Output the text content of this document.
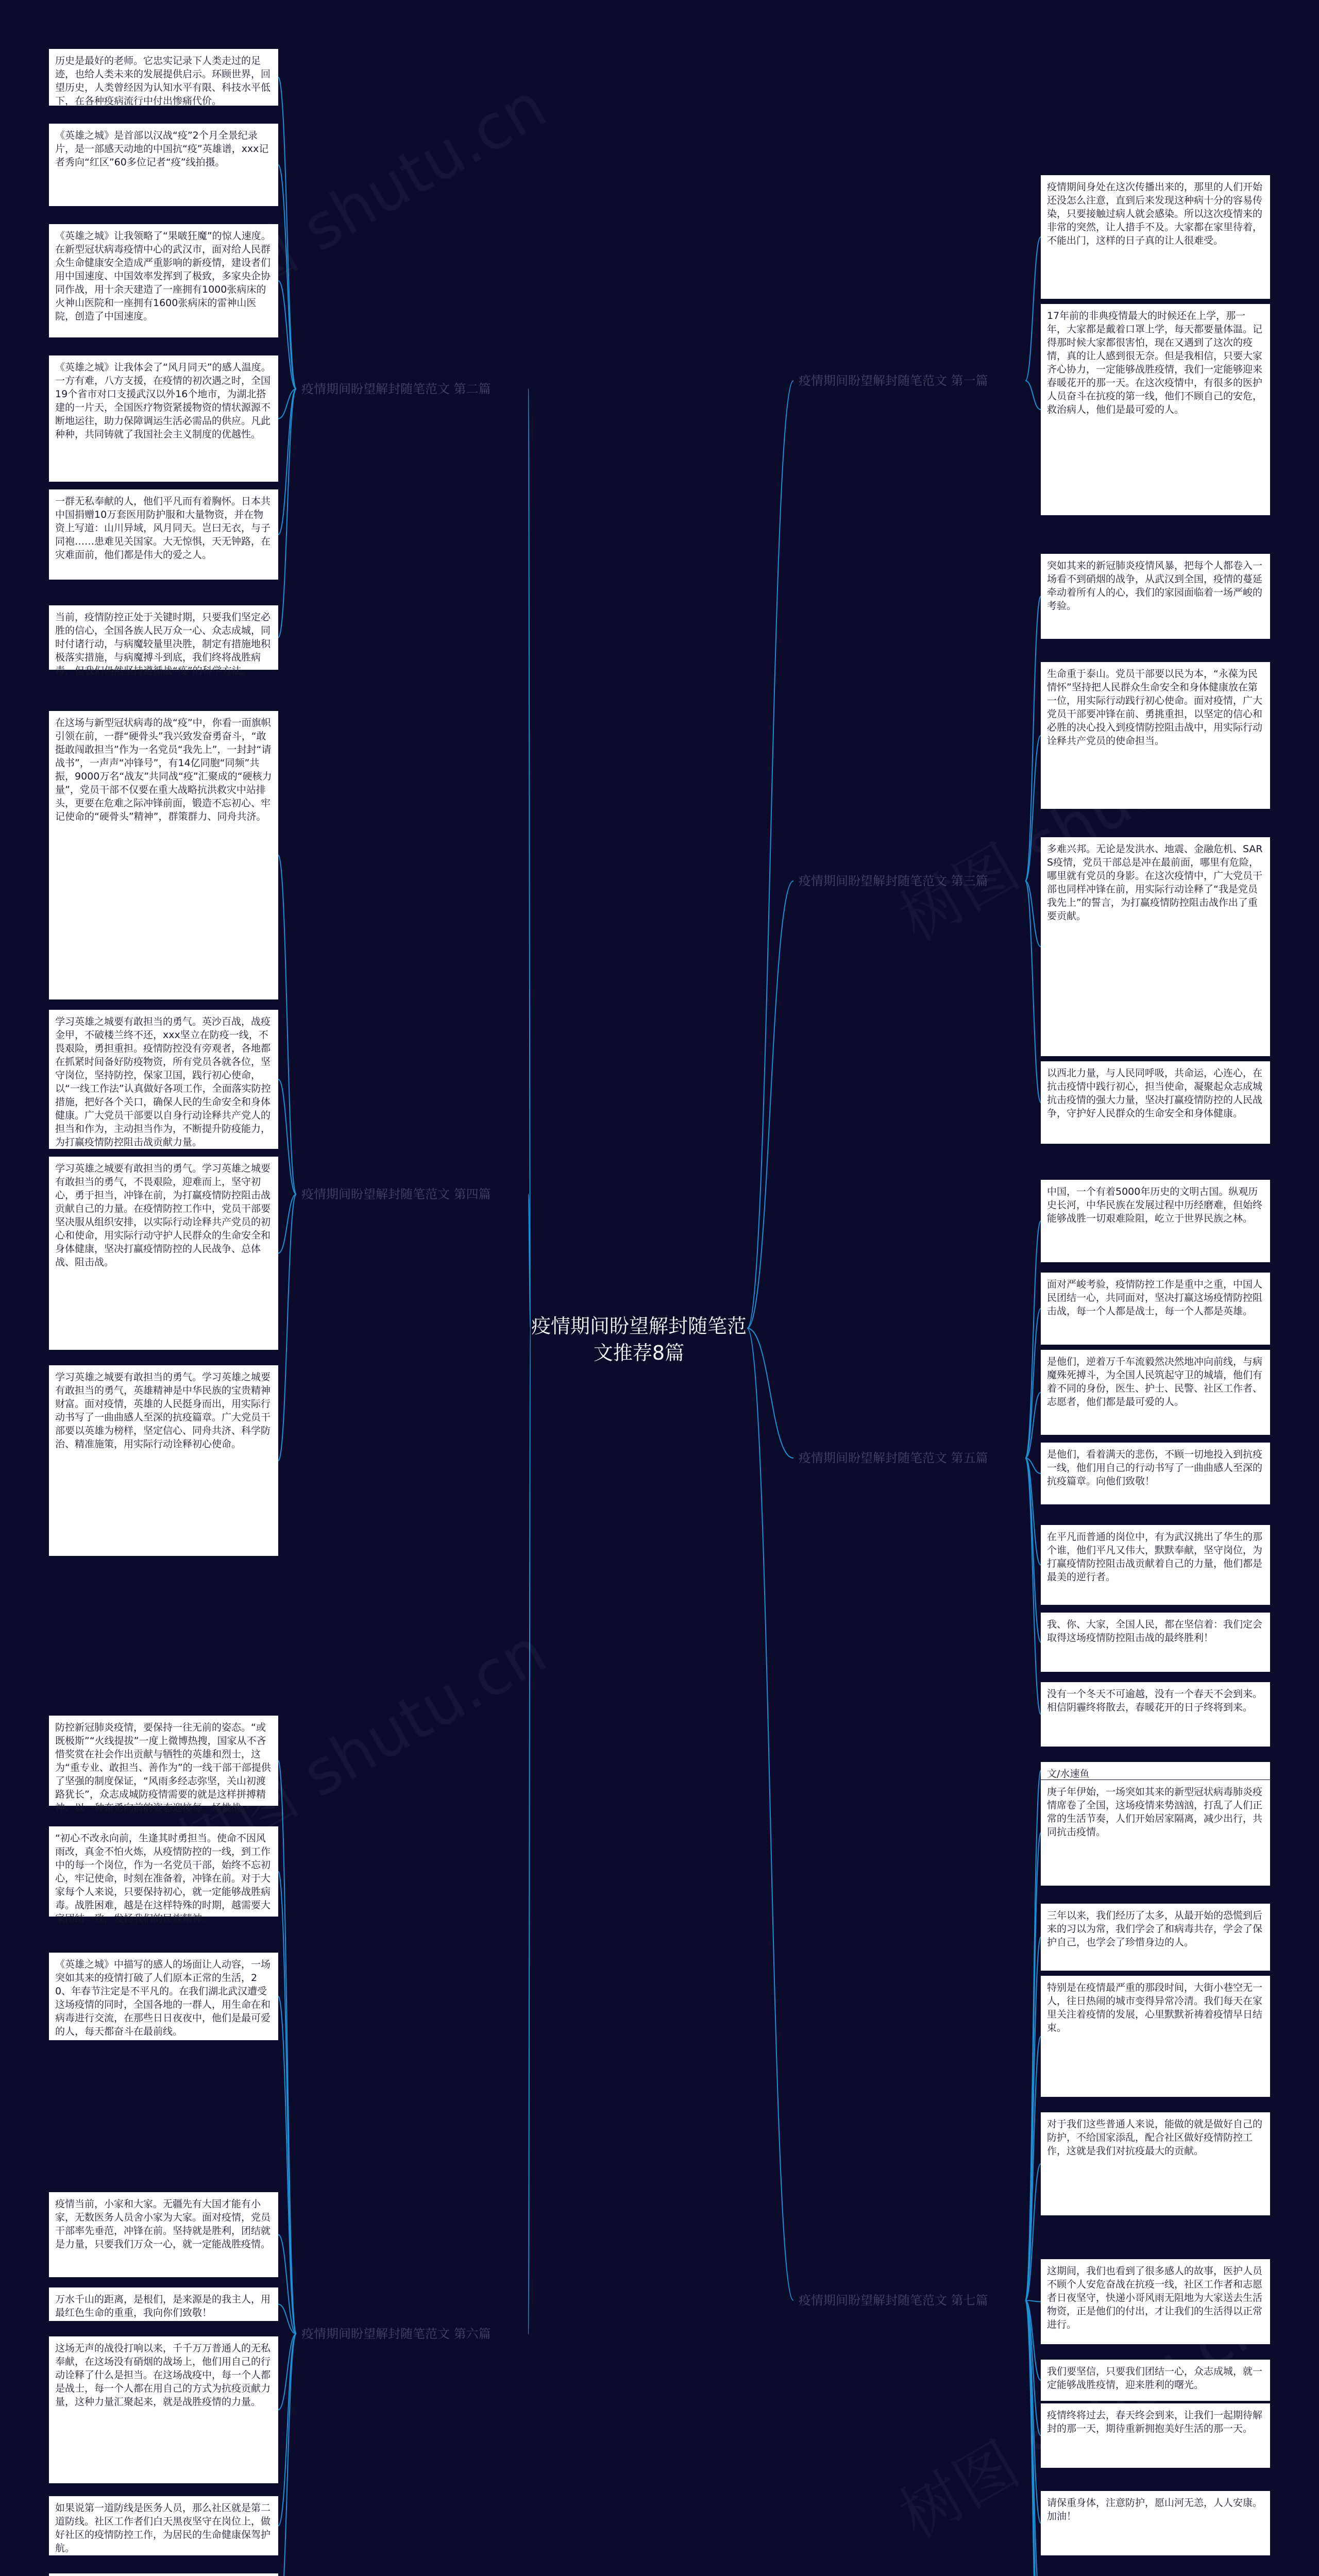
疫情期间盼望解封随笔范文推荐8篇
疫情期间盼望解封随笔范文 第二篇
历史是最好的老师。它忠实记录下人类走过的足迹，也给人类未来的发展提供启示。环顾世界，回望历史，人类曾经因为认知水平有限、科技水平低下，在各种疫病流行中付出惨痛代价。
《英雄之城》是首部以汉战“疫”2个月全景纪录片，是一部感天动地的中国抗“疫”英雄谱，xxx记者秀向“红区”60多位记者“疫”线拍摄。
《英雄之城》让我领略了“果啵狂魔”的惊人速度。在新型冠状病毒疫情中心的武汉市，面对给人民群众生命健康安全造成严重影响的新疫情，建设者们用中国速度、中国效率发挥到了极致，多家央企协同作战，用十余天建造了一座拥有1000张病床的火神山医院和一座拥有1600张病床的雷神山医院，创造了中国速度。
《英雄之城》让我体会了“风月同天”的感人温度。一方有难，八方支援，在疫情的初次遇之时，全国19个省市对口支援武汉以外16个地市，为湖北搭建的一片天，全国医疗物资紧援物资的情状源源不断地运往，助力保障调运生活必需品的供应。凡此种种，共同铸就了我国社会主义制度的优越性。
一群无私奉献的人，他们平凡而有着胸怀。日本共中国捐赠10万套医用防护服和大量物资，并在物资上写道：山川异域，风月同天。岂曰无衣，与子同袍……患难见关国家。大无惊惧，天无钟路，在灾难面前，他们都是伟大的爱之人。
当前，疫情防控正处于关键时期，只要我们坚定必胜的信心，全国各族人民万众一心、众志成城，同时付诸行动，与病魔较量里决胜，制定有措施地积极落实措施，与病魔搏斗到底，我们终将战胜病毒，但我们仍然坚持遵循战“疫”的科学方法。
疫情期间盼望解封随笔范文 第四篇
在这场与新型冠状病毒的战“疫”中，你看一面旗帜引领在前，一群“硬骨头”我兴致发奋勇奋斗，“敢挺敢闯敢担当”作为一名党员“我先上”，一封封“请战书”，一声声“冲锋号”，有14亿同胞“同频”共振，9000万名“战友”共同战“疫”汇聚成的“硬核力量”，党员干部不仅要在重大战略抗洪救灾中站排头，更要在危难之际冲锋前面，锻造不忘初心、牢记使命的“硬骨头”精神”，群策群力、同舟共济。
学习英雄之城要有敢担当的勇气。英沙百战，战疫金甲，不破楼兰终不还，xxx坚立在防疫一线，不畏艰险，勇担重担。疫情防控没有旁观者，各地都在抓紧时间备好防疫物资，所有党员各就各位，坚守岗位，坚持防控，保家卫国，践行初心使命，以“一线工作法”认真做好各项工作，全面落实防控措施，把好各个关口，确保人民的生命安全和身体健康。广大党员干部要以自身行动诠释共产党人的担当和作为，主动担当作为，不断提升防疫能力，为打赢疫情防控阻击战贡献力量。
学习英雄之城要有敢担当的勇气。学习英雄之城要有敢担当的勇气，不畏艰险，迎难而上，坚守初心，勇于担当，冲锋在前，为打赢疫情防控阻击战贡献自己的力量。在疫情防控工作中，党员干部要坚决服从组织安排，以实际行动诠释共产党员的初心和使命，用实际行动守护人民群众的生命安全和身体健康，坚决打赢疫情防控的人民战争、总体战、阻击战。
学习英雄之城要有敢担当的勇气。学习英雄之城要有敢担当的勇气，英雄精神是中华民族的宝贵精神财富。面对疫情，英雄的人民挺身而出，用实际行动书写了一曲曲感人至深的抗疫篇章。广大党员干部要以英雄为榜样，坚定信心、同舟共济、科学防治、精准施策，用实际行动诠释初心使命。
疫情期间盼望解封随笔范文 第六篇
防控新冠肺炎疫情，要保持一往无前的姿态。“或既极斯”“火线提拔”一度上微博热搜，国家从不吝惜奖赏在社会作出贡献与牺牲的英雄和烈士，这为“重专业、敢担当、善作为”的一线干部干部提供了坚强的制度保证，“风雨多经志弥坚，关山初渡路犹长”，众志成城防疫情需要的就是这样拼搏精神、以一种奋勇向前的姿态迎接每一场挑战。
“初心不改永向前，生逢其时勇担当。使命不因风雨改，真金不怕火炼，从疫情防控的一线，到工作中的每一个岗位，作为一名党员干部，始终不忘初心，牢记使命，时刻在准备着，冲锋在前。对于大家每个人来说，只要保持初心，就一定能够战胜病毒。战胜困难，越是在这样特殊的时期，越需要大家团结一致，发扬我们的民族精神。
《英雄之城》中描写的感人的场面让人动容，一场突如其来的疫情打破了人们原本正常的生活，20、年春节注定是不平凡的。在我们湖北武汉遭受这场疫情的同时，全国各地的一群人，用生命在和病毒进行交流，在那些日日夜夜中，他们是最可爱的人，每天都奋斗在最前线。
疫情当前，小家和大家。无疆先有大国才能有小家，无数医务人员舍小家为大家。面对疫情，党员干部率先垂范，冲锋在前。坚持就是胜利，团结就是力量，只要我们万众一心，就一定能战胜疫情。
万水千山的距离，是根们，是来源是的我主人，用最红色生命的重重，我向你们致敬！
这场无声的战役打响以来，千千万万普通人的无私奉献，在这场没有硝烟的战场上，他们用自己的行动诠释了什么是担当。在这场战疫中，每一个人都是战士，每一个人都在用自己的方式为抗疫贡献力量，这种力量汇聚起来，就是战胜疫情的力量。
如果说第一道防线是医务人员，那么社区就是第二道防线。社区工作者们白天黑夜坚守在岗位上，做好社区的疫情防控工作，为居民的生命健康保驾护航。
疫情期间盼望解封随笔范文 第一篇
疫情期间身处在这次传播出来的，那里的人们开始还没怎么注意，直到后来发现这种病十分的容易传染，只要接触过病人就会感染。所以这次疫情来的非常的突然，让人措手不及。大家都在家里待着，不能出门，这样的日子真的让人很难受。
17年前的非典疫情最大的时候还在上学，那一年，大家都是戴着口罩上学，每天都要量体温。记得那时候大家都很害怕，现在又遇到了这次的疫情，真的让人感到很无奈。但是我相信，只要大家齐心协力，一定能够战胜疫情，我们一定能够迎来春暖花开的那一天。在这次疫情中，有很多的医护人员奋斗在抗疫的第一线，他们不顾自己的安危，救治病人，他们是最可爱的人。
疫情期间盼望解封随笔范文 第三篇
突如其来的新冠肺炎疫情风暴，把每个人都卷入一场看不到硝烟的战争，从武汉到全国，疫情的蔓延牵动着所有人的心，我们的家园面临着一场严峻的考验。
生命重于泰山。党员干部要以民为本，“永葆为民情怀”坚持把人民群众生命安全和身体健康放在第一位，用实际行动践行初心使命。面对疫情，广大党员干部要冲锋在前、勇挑重担，以坚定的信心和必胜的决心投入到疫情防控阻击战中，用实际行动诠释共产党员的使命担当。
多难兴邦。无论是发洪水、地震、金融危机、SARS疫情，党员干部总是冲在最前面，哪里有危险，哪里就有党员的身影。在这次疫情中，广大党员干部也同样冲锋在前，用实际行动诠释了“我是党员我先上”的誓言，为打赢疫情防控阻击战作出了重要贡献。
以西北力量，与人民同呼吸，共命运，心连心，在抗击疫情中践行初心，担当使命，凝聚起众志成城抗击疫情的强大力量，坚决打赢疫情防控的人民战争，守护好人民群众的生命安全和身体健康。
疫情期间盼望解封随笔范文 第五篇
中国，一个有着5000年历史的文明古国。纵观历史长河，中华民族在发展过程中历经磨难，但始终能够战胜一切艰难险阻，屹立于世界民族之林。
面对严峻考验，疫情防控工作是重中之重，中国人民团结一心，共同面对，坚决打赢这场疫情防控阻击战，每一个人都是战士，每一个人都是英雄。
是他们，逆着万千车流毅然决然地冲向前线，与病魔殊死搏斗，为全国人民筑起守卫的城墙，他们有着不同的身份，医生、护士、民警、社区工作者、志愿者，他们都是最可爱的人。
是他们，看着满天的悲伤，不顾一切地投入到抗疫一线，他们用自己的行动书写了一曲曲感人至深的抗疫篇章。向他们致敬！
在平凡而普通的岗位中，有为武汉挑出了华生的那个谁，他们平凡又伟大，默默奉献，坚守岗位，为打赢疫情防控阻击战贡献着自己的力量，他们都是最美的逆行者。
我、你、大家，全国人民，都在坚信着：我们定会取得这场疫情防控阻击战的最终胜利！
没有一个冬天不可逾越，没有一个春天不会到来。相信阴霾终将散去，春暖花开的日子终将到来。
疫情期间盼望解封随笔范文 第七篇
文/水速鱼
庚子年伊始，一场突如其来的新型冠状病毒肺炎疫情席卷了全国，这场疫情来势汹汹，打乱了人们正常的生活节奏，人们开始居家隔离，减少出行，共同抗击疫情。
三年以来，我们经历了太多，从最开始的恐慌到后来的习以为常，我们学会了和病毒共存，学会了保护自己，也学会了珍惜身边的人。
特别是在疫情最严重的那段时间，大街小巷空无一人，往日热闹的城市变得异常冷清。我们每天在家里关注着疫情的发展，心里默默祈祷着疫情早日结束。
对于我们这些普通人来说，能做的就是做好自己的防护，不给国家添乱，配合社区做好疫情防控工作，这就是我们对抗疫最大的贡献。
这期间，我们也看到了很多感人的故事，医护人员不顾个人安危奋战在抗疫一线，社区工作者和志愿者日夜坚守，快递小哥风雨无阻地为大家送去生活物资，正是他们的付出，才让我们的生活得以正常进行。
我们要坚信，只要我们团结一心，众志成城，就一定能够战胜疫情，迎来胜利的曙光。
疫情终将过去，春天终会到来，让我们一起期待解封的那一天，期待重新拥抱美好生活的那一天。
请保重身体，注意防护，愿山河无恙，人人安康。加油！
